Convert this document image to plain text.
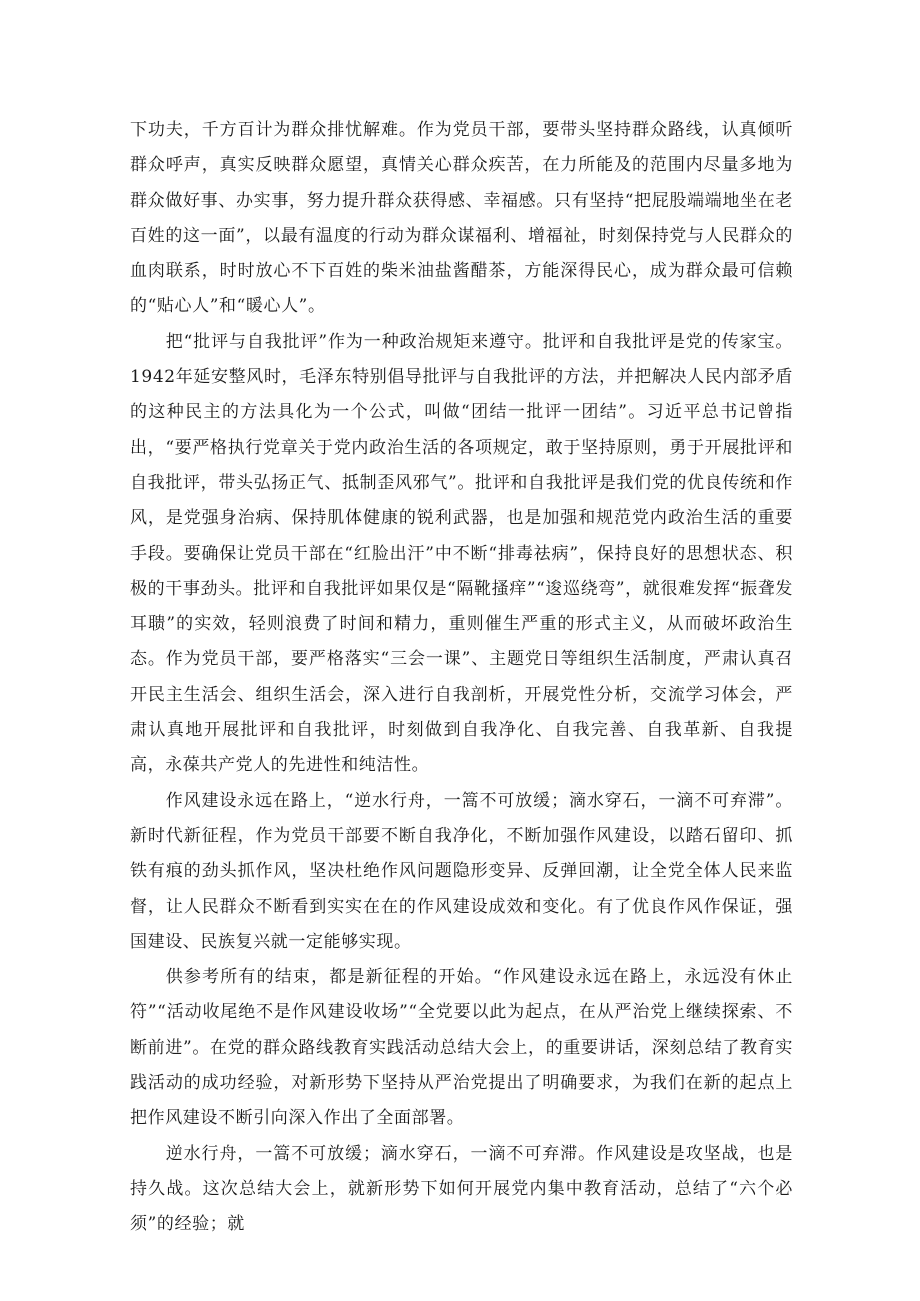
下功夫，千方百计为群众排忧解难。作为党员干部，要带头坚持群众路线，认真倾听群众呼声，真实反映群众愿望，真情关心群众疾苦，在力所能及的范围内尽量多地为群众做好事、办实事，努力提升群众获得感、幸福感。只有坚持“把屁股端端地坐在老百姓的这一面”，以最有温度的行动为群众谋福利、增福祉，时刻保持党与人民群众的血肉联系，时时放心不下百姓的柴米油盐酱醋茶，方能深得民心，成为群众最可信赖的“贴心人”和“暖心人”。

把“批评与自我批评”作为一种政治规矩来遵守。批评和自我批评是党的传家宝。1942年延安整风时，毛泽东特别倡导批评与自我批评的方法，并把解决人民内部矛盾的这种民主的方法具化为一个公式，叫做“团结一批评一团结”。习近平总书记曾指出，“要严格执行党章关于党内政治生活的各项规定，敢于坚持原则，勇于开展批评和自我批评，带头弘扬正气、抵制歪风邪气”。批评和自我批评是我们党的优良传统和作风，是党强身治病、保持肌体健康的锐利武器，也是加强和规范党内政治生活的重要手段。要确保让党员干部在“红脸出汗”中不断“排毒祛病”，保持良好的思想状态、积极的干事劲头。批评和自我批评如果仅是“隔靴搔痒”“逡巡绕弯”，就很难发挥“振聋发耳聩”的实效，轻则浪费了时间和精力，重则催生严重的形式主义，从而破坏政治生态。作为党员干部，要严格落实“三会一课”、主题党日等组织生活制度，严肃认真召开民主生活会、组织生活会，深入进行自我剖析，开展党性分析，交流学习体会，严肃认真地开展批评和自我批评，时刻做到自我净化、自我完善、自我革新、自我提高，永葆共产党人的先进性和纯洁性。

作风建设永远在路上，“逆水行舟，一篙不可放缓；滴水穿石，一滴不可弃滞”。新时代新征程，作为党员干部要不断自我净化，不断加强作风建设，以踏石留印、抓铁有痕的劲头抓作风，坚决杜绝作风问题隐形变异、反弹回潮，让全党全体人民来监督，让人民群众不断看到实实在在的作风建设成效和变化。有了优良作风作保证，强国建设、民族复兴就一定能够实现。

供参考所有的结束，都是新征程的开始。“作风建设永远在路上，永远没有休止符”“活动收尾绝不是作风建设收场”“全党要以此为起点，在从严治党上继续探索、不断前进”。在党的群众路线教育实践活动总结大会上，的重要讲话，深刻总结了教育实践活动的成功经验，对新形势下坚持从严治党提出了明确要求，为我们在新的起点上把作风建设不断引向深入作出了全面部署。

逆水行舟，一篙不可放缓；滴水穿石，一滴不可弃滞。作风建设是攻坚战，也是持久战。这次总结大会上，就新形势下如何开展党内集中教育活动，总结了“六个必须”的经验；就
